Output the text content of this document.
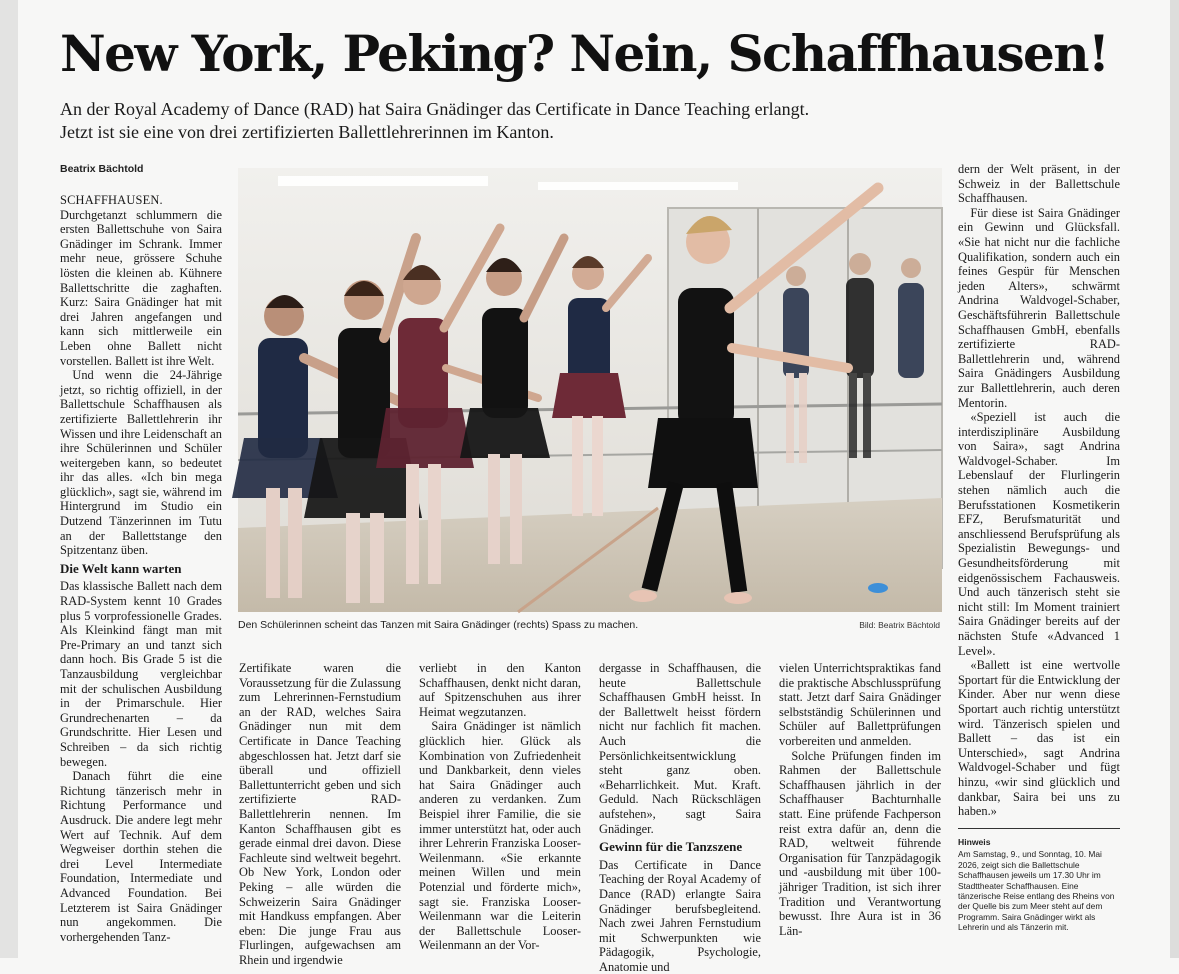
New York, Peking? Nein, Schaffhausen!
An der Royal Academy of Dance (RAD) hat Saira Gnädinger das Certificate in Dance Teaching erlangt.
Jetzt ist sie eine von drei zertifizierten Ballettlehrerinnen im Kanton.
Beatrix Bächtold

SCHAFFHAUSEN. Durchgetanzt schlummern die ersten Ballettschuhe von Saira Gnädinger im Schrank. Immer mehr neue, grössere Schuhe lösten die kleinen ab. Kühnere Ballettschritte die zaghaften. Kurz: Saira Gnädinger hat mit drei Jahren angefangen und kann sich mittlerweile ein Leben ohne Ballett nicht vorstellen. Ballett ist ihre Welt.

Und wenn die 24-Jährige jetzt, so richtig offiziell, in der Ballettschule Schaffhausen als zertifizierte Ballettlehrerin ihr Wissen und ihre Leidenschaft an ihre Schülerinnen und Schüler weitergeben kann, so bedeutet ihr das alles. «Ich bin mega glücklich», sagt sie, während im Hintergrund im Studio ein Dutzend Tänzerinnen im Tutu an der Ballettstange den Spitzentanz üben.

Die Welt kann warten

Das klassische Ballett nach dem RAD-System kennt 10 Grades plus 5 vorprofessionelle Grades. Als Kleinkind fängt man mit Pre-Primary an und tanzt sich dann hoch. Bis Grade 5 ist die Tanzausbildung vergleichbar mit der schulischen Ausbildung in der Primarschule. Hier Grundrechenarten – da Grundschritte. Hier Lesen und Schreiben – da sich richtig bewegen.

Danach führt die eine Richtung tänzerisch mehr in Richtung Performance und Ausdruck. Die andere legt mehr Wert auf Technik. Auf dem Wegweiser dorthin stehen die drei Level Intermediate Foundation, Intermediate und Advanced Foundation. Bei Letzterem ist Saira Gnädinger nun angekommen. Die vorhergehenden Tanz-

Den Schülerinnen scheint das Tanzen mit Saira Gnädinger (rechts) Spass zu machen.	Bild: Beatrix Bächtold

Zertifikate waren die Voraussetzung für die Zulassung zum Lehrerinnen-Fernstudium an der RAD, welches Saira Gnädinger nun mit dem Certificate in Dance Teaching abgeschlossen hat. Jetzt darf sie überall und offiziell Ballettunterricht geben und sich zertifizierte RAD-Ballettlehrerin nennen. Im Kanton Schaffhausen gibt es gerade einmal drei davon. Diese Fachleute sind weltweit begehrt. Ob New York, London oder Peking – alle würden die Schweizerin Saira Gnädinger mit Handkuss empfangen. Aber eben: Die junge Frau aus Flurlingen, aufgewachsen am Rhein und irgendwie

verliebt in den Kanton Schaffhausen, denkt nicht daran, auf Spitzenschuhen aus ihrer Heimat wegzutanzen.

Saira Gnädinger ist nämlich glücklich hier. Glück als Kombination von Zufriedenheit und Dankbarkeit, denn vieles hat Saira Gnädinger auch anderen zu verdanken. Zum Beispiel ihrer Familie, die sie immer unterstützt hat, oder auch ihrer Lehrerin Franziska Looser-Weilenmann. «Sie erkannte meinen Willen und mein Potenzial und förderte mich», sagt sie. Franziska Looser-Weilenmann war die Leiterin der Ballettschule Looser-Weilenmann an der Vor-

dergasse in Schaffhausen, die heute Ballettschule Schaffhausen GmbH heisst. In der Ballettwelt heisst fördern nicht nur fachlich fit machen. Auch die Persönlichkeitsentwicklung steht ganz oben. «Beharrlichkeit. Mut. Kraft. Geduld. Nach Rückschlägen aufstehen», sagt Saira Gnädinger.

Gewinn für die Tanzszene

Das Certificate in Dance Teaching der Royal Academy of Dance (RAD) erlangte Saira Gnädinger berufsbegleitend. Nach zwei Jahren Fernstudium mit Schwerpunkten wie Pädagogik, Psychologie, Anatomie und

vielen Unterrichtspraktikas fand die praktische Abschlussprüfung statt. Jetzt darf Saira Gnädinger selbstständig Schülerinnen und Schüler auf Ballettprüfungen vorbereiten und anmelden.

Solche Prüfungen finden im Rahmen der Ballettschule Schaffhausen jährlich in der Schaffhauser Bachturnhalle statt. Eine prüfende Fachperson reist extra dafür an, denn die RAD, weltweit führende Organisation für Tanzpädagogik und -ausbildung mit über 100-jähriger Tradition, ist sich ihrer Tradition und Verantwortung bewusst. Ihre Aura ist in 36 Län-

dern der Welt präsent, in der Schweiz in der Ballettschule Schaffhausen.

Für diese ist Saira Gnädinger ein Gewinn und Glücksfall. «Sie hat nicht nur die fachliche Qualifikation, sondern auch ein feines Gespür für Menschen jeden Alters», schwärmt Andrina Waldvogel-Schaber, Geschäftsführerin Ballettschule Schaffhausen GmbH, ebenfalls zertifizierte RAD-Ballettlehrerin und, während Saira Gnädingers Ausbildung zur Ballettlehrerin, auch deren Mentorin.

«Speziell ist auch die interdisziplinäre Ausbildung von Saira», sagt Andrina Waldvogel-Schaber. Im Lebenslauf der Flurlingerin stehen nämlich auch die Berufsstationen Kosmetikerin EFZ, Berufsmaturität und anschliessend Berufsprüfung als Spezialistin Bewegungs- und Gesundheitsförderung mit eidgenössischem Fachausweis. Und auch tänzerisch steht sie nicht still: Im Moment trainiert Saira Gnädinger bereits auf der nächsten Stufe «Advanced 1 Level».

«Ballett ist eine wertvolle Sportart für die Entwicklung der Kinder. Aber nur wenn diese Sportart auch richtig unterstützt wird. Tänzerisch spielen und Ballett – das ist ein Unterschied», sagt Andrina Waldvogel-Schaber und fügt hinzu, «wir sind glücklich und dankbar, Saira bei uns zu haben.»

Hinweis
Am Samstag, 9., und Sonntag, 10. Mai 2026, zeigt sich die Ballettschule Schaffhausen jeweils um 17.30 Uhr im Stadttheater Schaffhausen. Eine tänzerische Reise entlang des Rheins von der Quelle bis zum Meer steht auf dem Programm. Saira Gnädinger wirkt als Lehrerin und als Tänzerin mit.
